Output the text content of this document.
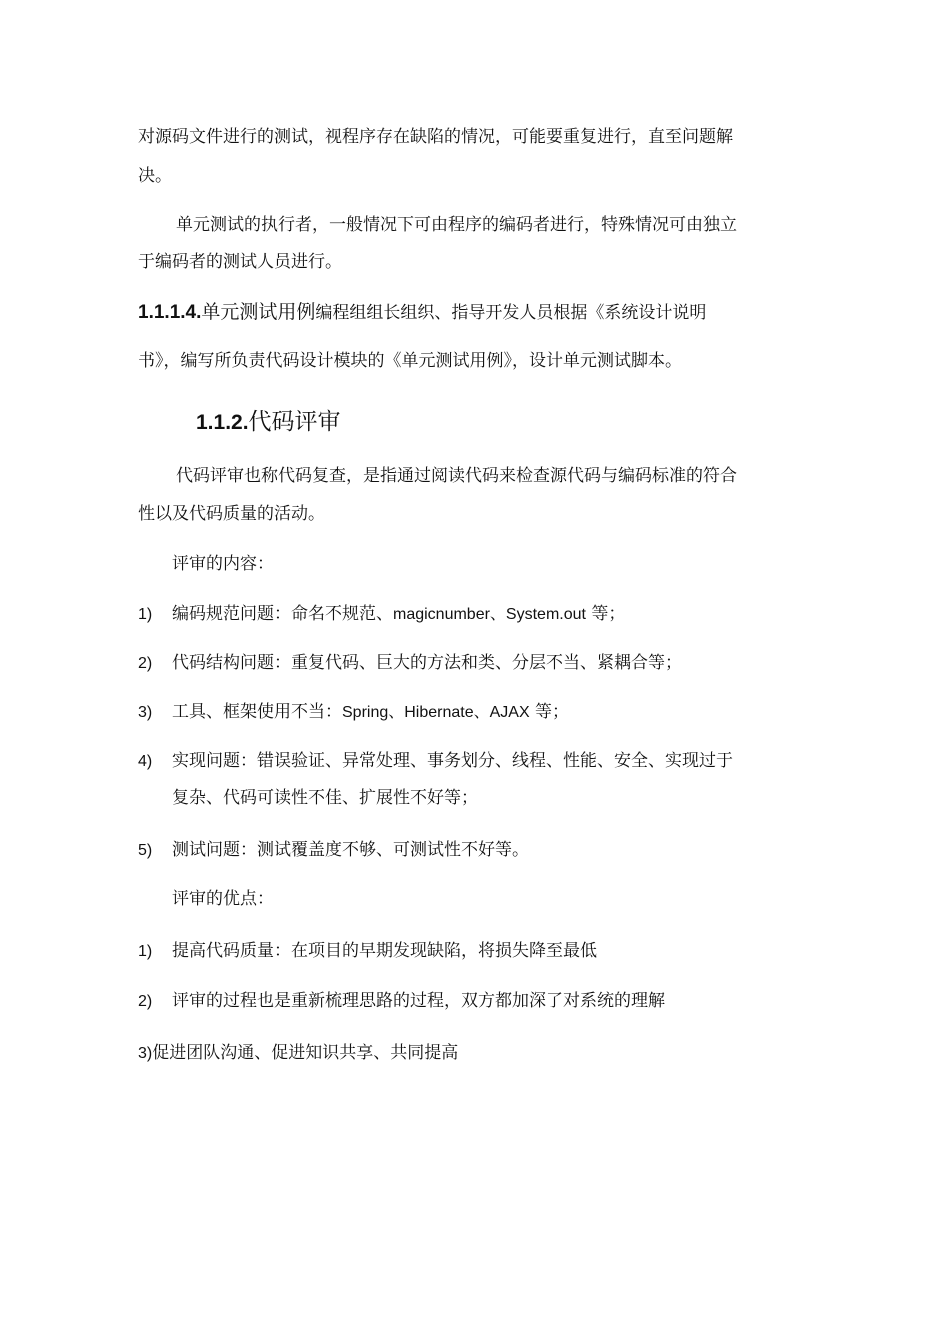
对源码文件进行的测试，视程序存在缺陷的情况，可能要重复进行，直至问题解
决。
单元测试的执行者，一般情况下可由程序的编码者进行，特殊情况可由独立
于编码者的测试人员进行。
1.1.1.4.单元测试用例编程组组长组织、指导开发人员根据《系统设计说明
书》，编写所负责代码设计模块的《单元测试用例》，设计单元测试脚本。
1.1.2.代码评审
代码评审也称代码复查，是指通过阅读代码来检查源代码与编码标准的符合
性以及代码质量的活动。
评审的内容：
1) 编码规范问题：命名不规范、magicnumber、System.out 等；
2) 代码结构问题：重复代码、巨大的方法和类、分层不当、紧耦合等；
3) 工具、框架使用不当：Spring、Hibernate、AJAX 等；
4) 实现问题：错误验证、异常处理、事务划分、线程、性能、安全、实现过于
复杂、代码可读性不佳、扩展性不好等；
5) 测试问题：测试覆盖度不够、可测试性不好等。
评审的优点：
1) 提高代码质量：在项目的早期发现缺陷，将损失降至最低
2) 评审的过程也是重新梳理思路的过程，双方都加深了对系统的理解
3)促进团队沟通、促进知识共享、共同提高
